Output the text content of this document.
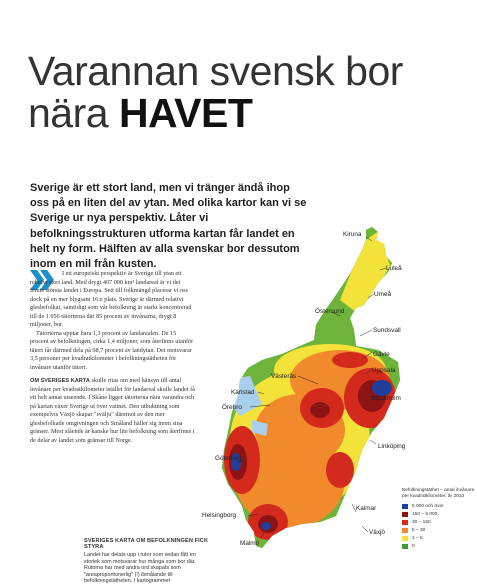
Varannan svensk bor
nära HAVET

Sverige är ett stort land, men vi tränger ändå ihop oss på en liten del av ytan. Med olika kartor kan vi se Sverige ur nya perspektiv. Låter vi befolkningsstrukturen utforma kartan får landet en helt ny form. Hälften av alla svenskar bor dessutom inom en mil från kusten.

I ett europeiskt perspektiv är Sverige till ytan ett relativt stort land. Med drygt 407 000 km² landareal är vi det femte största landet i Europa. Sett till folkmängd placerar vi oss dock på en mer blygsam 16:e plats. Sverige är därmed relativt glesbefolkat, samtidigt som vår befolkning är starkt koncentrerad till de 1 956 tätorterna där 85 procent av invånarna, drygt 8 miljoner, bor.

Tätorterna upptar bara 1,3 procent av landarealen. De 15 procent av befolkningen, cirka 1,4 miljoner, som återfinns utanför tätort får därmed dela på 98,7 procent av landytan. Det motsvarar 3,5 personer per kvadratkilometer i befolkningstätheten för invånare utanför tätort.

OM SVERIGES KARTA skulle ritas om med hänsyn till antal invånare per kvadratkilometer istället för landareal skulle landet få ett helt annat utseende. I Skåne ligger tätorterna nära varandra och på kartan växer Sverige ut över vattnet. Den utbuktning som exempelvis Växjö skapar "svälju" däremot av den mer glesbefolkade omgivningen och Småland häller sig inom sina gränser. Mest slående är kanske hur lite befolkning som återfinns i de delar av landet som gränsar till Norge.

SVERIGES KARTA OM BEFOLKNINGEN FICK STYRA

Landet har delats upp i rutor som sedan fått en storlek som motsvarar hur många som bor där. Rutorna har med andra ord skapats som "areaproportionerlig" (!) ibmålande till befolkningstätheten. I kartogrammet

Kiruna
Luleå
Umeå
Östersund
Sundsvall
Gävle
Uppsala
Västerås
Karlstad
Stockholm
Örebro
Linköping
Göteborg
Kalmar
Växjö
Helsingborg
Malmö

Befolkningstäthet – antal invånare per kvadratkilometer, år 2010

5 000 och över
150 – 5 000
30 – 150
5 – 30
1 – 5
0
